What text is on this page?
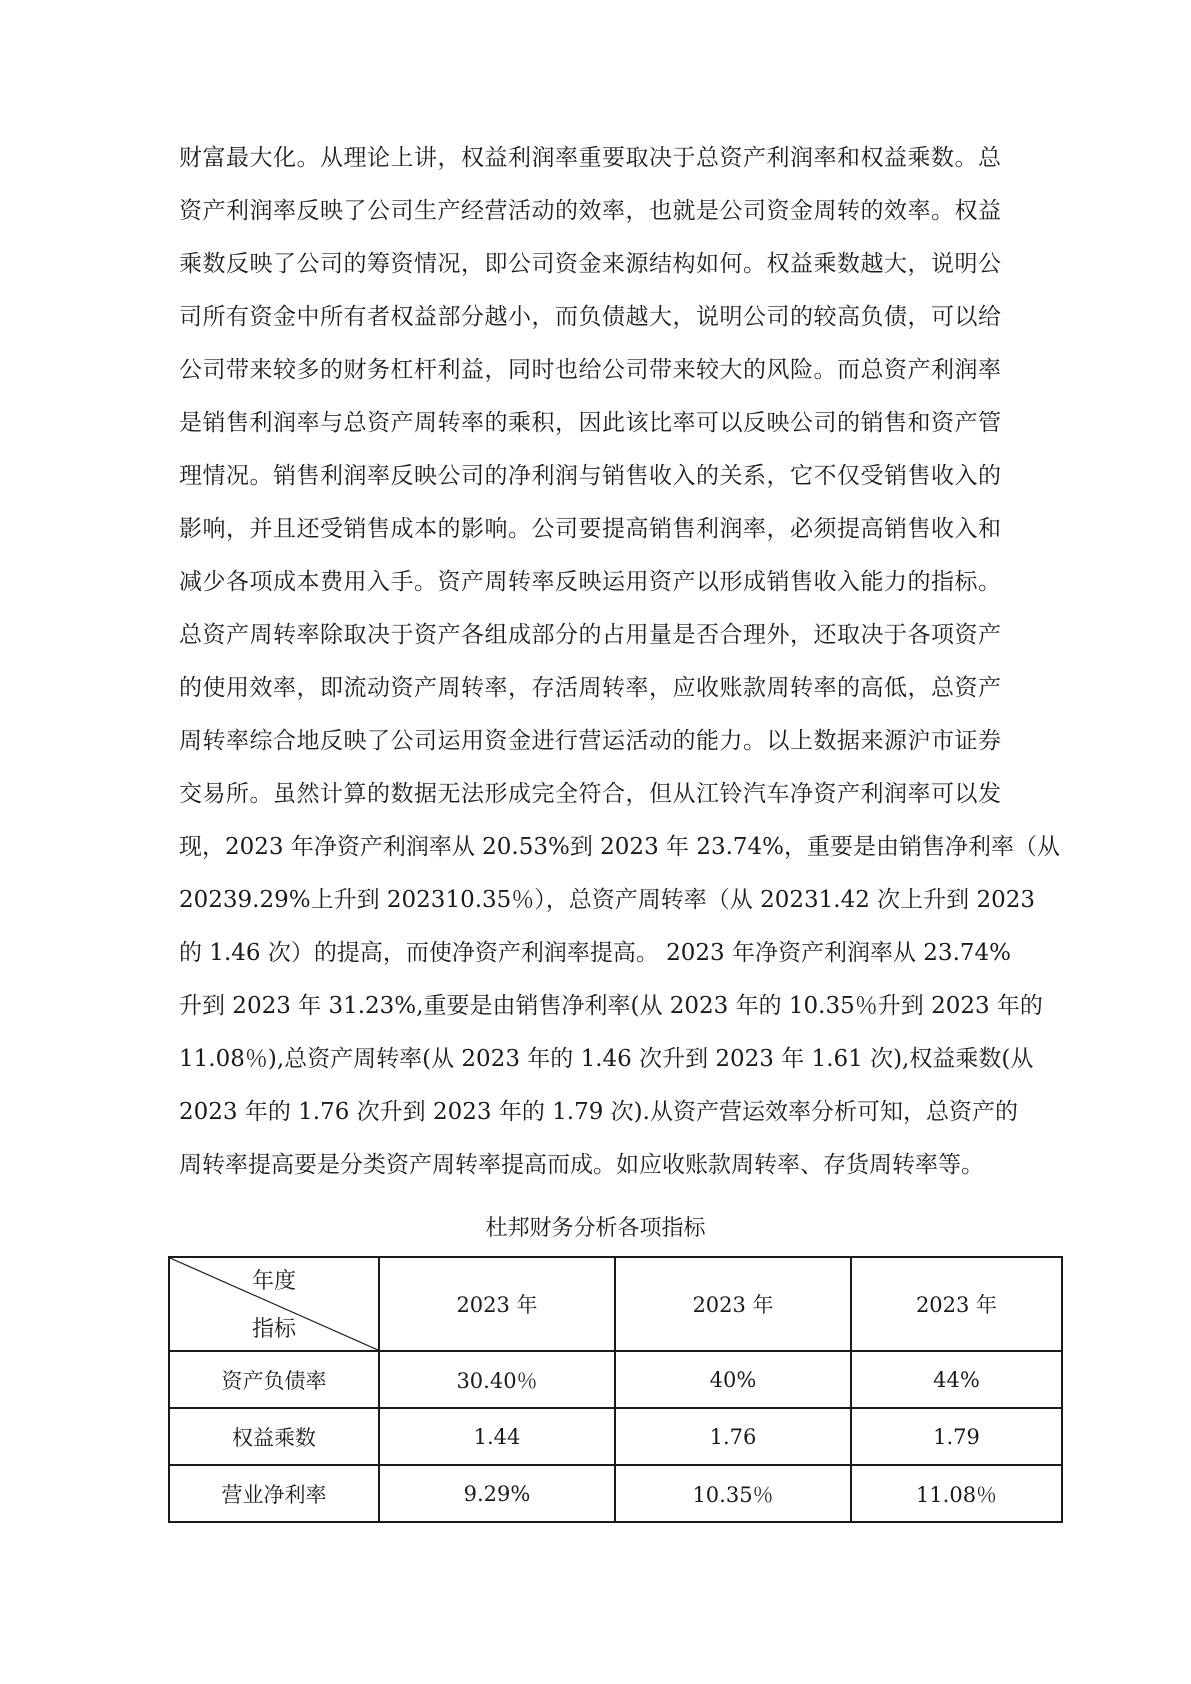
财富最大化。从理论上讲，权益利润率重要取决于总资产利润率和权益乘数。总
资产利润率反映了公司生产经营活动的效率，也就是公司资金周转的效率。权益
乘数反映了公司的筹资情况，即公司资金来源结构如何。权益乘数越大，说明公
司所有资金中所有者权益部分越小，而负债越大，说明公司的较高负债，可以给
公司带来较多的财务杠杆利益，同时也给公司带来较大的风险。而总资产利润率
是销售利润率与总资产周转率的乘积，因此该比率可以反映公司的销售和资产管
理情况。销售利润率反映公司的净利润与销售收入的关系，它不仅受销售收入的
影响，并且还受销售成本的影响。公司要提高销售利润率，必须提高销售收入和
减少各项成本费用入手。资产周转率反映运用资产以形成销售收入能力的指标。
总资产周转率除取决于资产各组成部分的占用量是否合理外，还取决于各项资产
的使用效率，即流动资产周转率，存活周转率，应收账款周转率的高低，总资产
周转率综合地反映了公司运用资金进行营运活动的能力。以上数据来源沪市证券
交易所。虽然计算的数据无法形成完全符合，但从江铃汽车净资产利润率可以发
现，2023 年净资产利润率从 20.53%到 2023 年 23.74%，重要是由销售净利率（从
20239.29%上升到 202310.35％），总资产周转率（从 20231.42 次上升到 2023
的 1.46 次）的提高，而使净资产利润率提高。 2023 年净资产利润率从 23.74%
升到 2023 年 31.23%,重要是由销售净利率(从 2023 年的 10.35％升到 2023 年的
11.08％),总资产周转率(从 2023 年的 1.46 次升到 2023 年 1.61 次),权益乘数(从
2023 年的 1.76 次升到 2023 年的 1.79 次).从资产营运效率分析可知，总资产的
周转率提高要是分类资产周转率提高而成。如应收账款周转率、存货周转率等。
杜邦财务分析各项指标
年度
指标	2023 年	2023 年	2023 年
资产负债率	30.40％	40%	44%
权益乘数	1.44	1.76	1.79
营业净利率	9.29%	10.35％	11.08％
